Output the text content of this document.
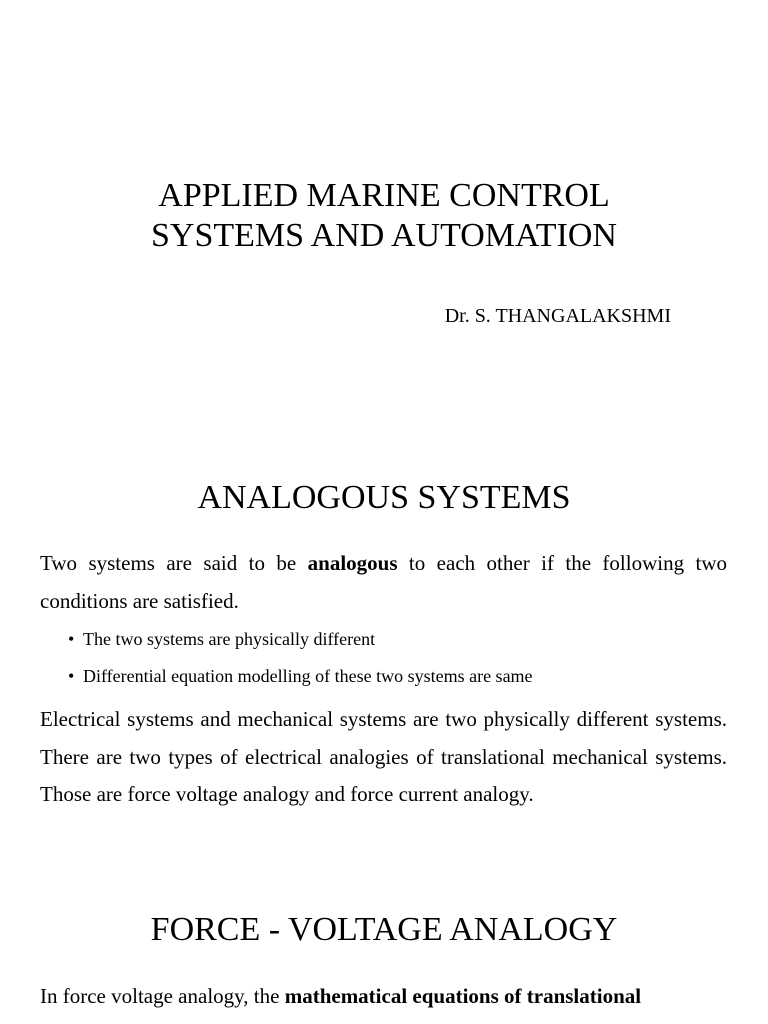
APPLIED MARINE CONTROL
SYSTEMS AND AUTOMATION

Dr. S. THANGALAKSHMI

ANALOGOUS SYSTEMS

Two systems are said to be analogous to each other if the following two conditions are satisfied.

• The two systems are physically different
• Differential equation modelling of these two systems are same

Electrical systems and mechanical systems are two physically different systems. There are two types of electrical analogies of translational mechanical systems. Those are force voltage analogy and force current analogy.

FORCE - VOLTAGE ANALOGY

In force voltage analogy, the mathematical equations of translational
